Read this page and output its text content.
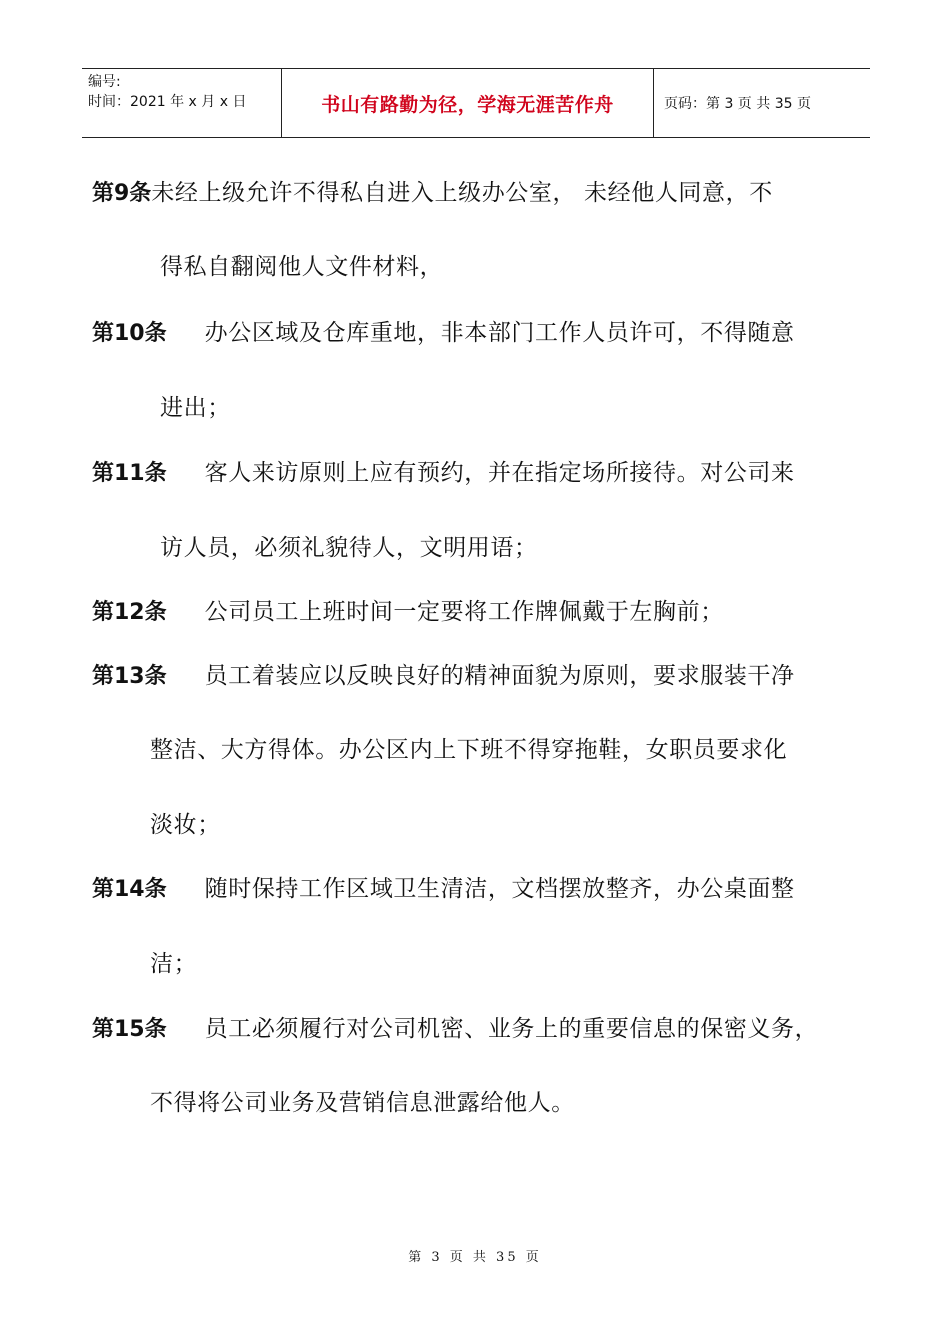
编号:
时间：2021 年 x 月 x 日	书山有路勤为径，学海无涯苦作舟	页码：第 3 页 共 35 页
第9条未经上级允许不得私自进入上级办公室， 未经他人同意，不
得私自翻阅他人文件材料，
第10条 办公区域及仓库重地，非本部门工作人员许可，不得随意
进出；
第11条 客人来访原则上应有预约，并在指定场所接待。对公司来
访人员，必须礼貌待人，文明用语；
第12条 公司员工上班时间一定要将工作牌佩戴于左胸前；
第13条 员工着装应以反映良好的精神面貌为原则，要求服装干净
整洁、大方得体。办公区内上下班不得穿拖鞋，女职员要求化
淡妆；
第14条 随时保持工作区域卫生清洁，文档摆放整齐，办公桌面整
洁；
第15条 员工必须履行对公司机密、业务上的重要信息的保密义务，
不得将公司业务及营销信息泄露给他人。
第 3 页 共 35 页
